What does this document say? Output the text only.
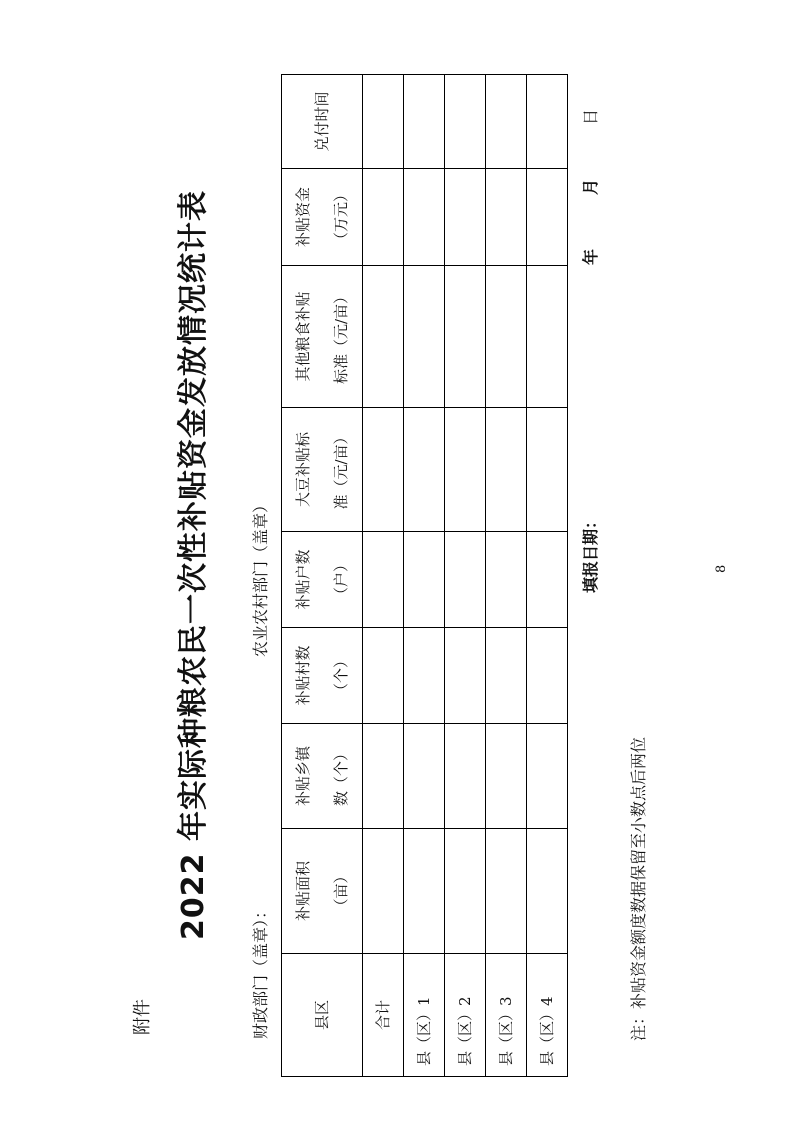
附件
2022 年实际种粮农民一次性补贴资金发放情况统计表
财政部门（盖章）：
农业农村部门（盖章）
县区	补贴面积 （亩）	补贴乡镇 数（个）	补贴村数 （个）	补贴户数 （户）	大豆补贴标 准（元/亩）	其他粮食补贴 标准（元/亩）	补贴资金 （万元）	兑付时间

合计								
县（区）1								
县（区）2								
县（区）3								
县（区）4								
填报日期：
年
月
日
8
注：补贴资金额度数据保留至小数点后两位
